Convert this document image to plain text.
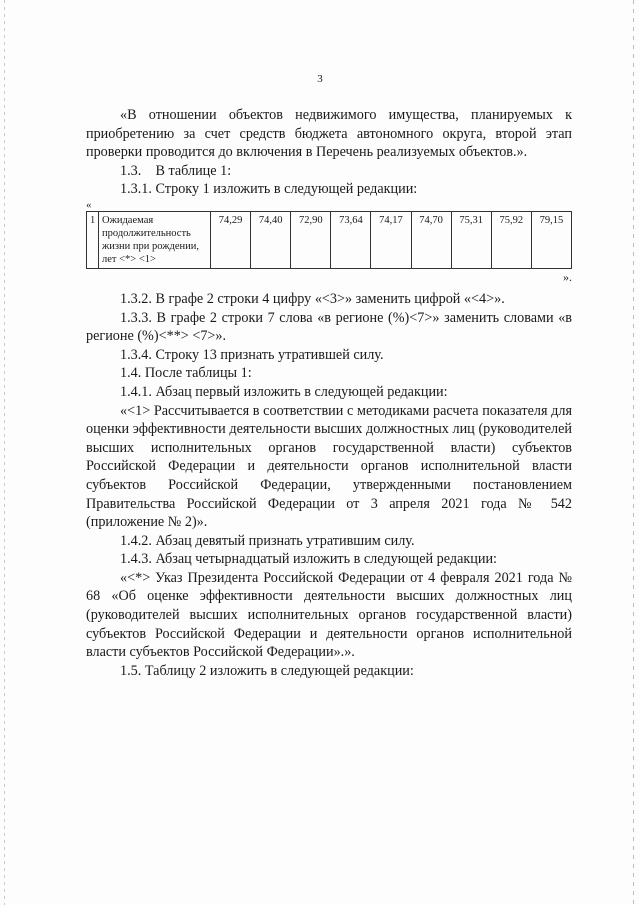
3

«В отношении объектов недвижимого имущества, планируемых к приобретению за счет средств бюджета автономного округа, второй этап проверки проводится до включения в Перечень реализуемых объектов.».

1.3.    В таблице 1:

1.3.1. Строку 1 изложить в следующей редакции:

«

1	Ожидаемая продолжительность жизни при рождении, лет <*> <1>	74,29	74,40	72,90	73,64	74,17	74,70	75,31	75,92	79,15

».

1.3.2. В графе 2 строки 4 цифру «<3>» заменить цифрой «<4>».

1.3.3. В графе 2 строки 7 слова «в регионе (%)<7>» заменить словами «в регионе (%)<**> <7>».

1.3.4. Строку 13 признать утратившей силу.

1.4. После таблицы 1:

1.4.1. Абзац первый изложить в следующей редакции:

«<1> Рассчитывается в соответствии с методиками расчета показателя для оценки эффективности деятельности высших должностных лиц (руководителей высших исполнительных органов государственной власти) субъектов Российской Федерации и деятельности органов исполнительной власти субъектов Российской Федерации, утвержденными постановлением Правительства Российской Федерации от 3 апреля 2021 года № 542 (приложение № 2)».

1.4.2. Абзац девятый признать утратившим силу.

1.4.3. Абзац четырнадцатый изложить в следующей редакции:

«<*> Указ Президента Российской Федерации от 4 февраля 2021 года № 68 «Об оценке эффективности деятельности высших должностных лиц (руководителей высших исполнительных органов государственной власти) субъектов Российской Федерации и деятельности органов исполнительной власти субъектов Российской Федерации».».

1.5. Таблицу 2 изложить в следующей редакции:
